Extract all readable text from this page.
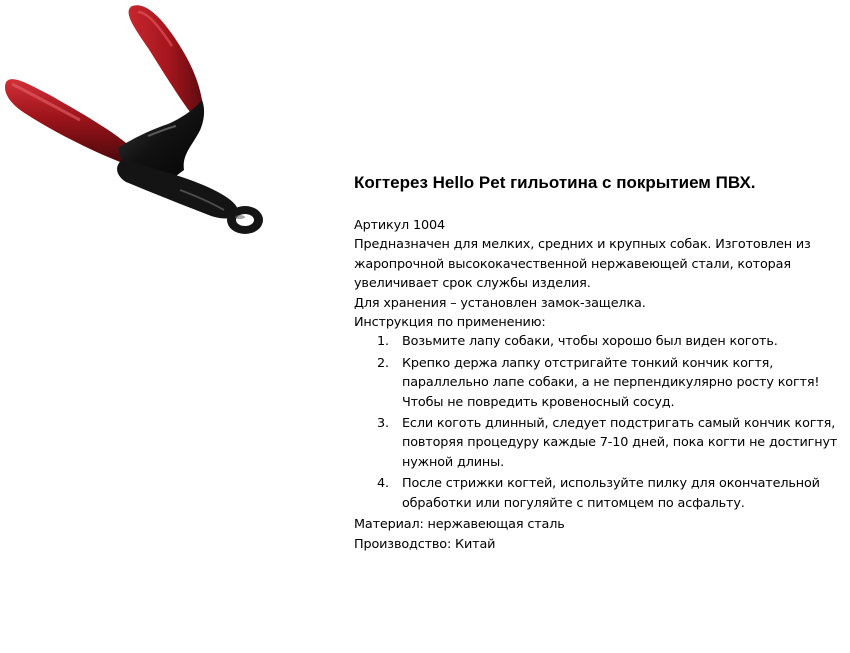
Когтерез Hello Pet гильотина с покрытием ПВХ.

Артикул 1004

Предназначен для мелких, средних и крупных собак. Изготовлен из жаропрочной высококачественной нержавеющей стали, которая увеличивает срок службы изделия.

Для хранения – установлен замок-защелка.

Инструкция по применению:

1. Возьмите лапу собаки, чтобы хорошо был виден коготь.
2. Крепко держа лапку отстригайте тонкий кончик когтя, параллельно лапе собаки, а не перпендикулярно росту когтя! Чтобы не повредить кровеносный сосуд.
3. Если коготь длинный, следует подстригать самый кончик когтя, повторяя процедуру каждые 7-10 дней, пока когти не достигнут нужной длины.
4. После стрижки когтей, используйте пилку для окончательной обработки или погуляйте с питомцем по асфальту.

Материал: нержавеющая сталь

Производство: Китай
